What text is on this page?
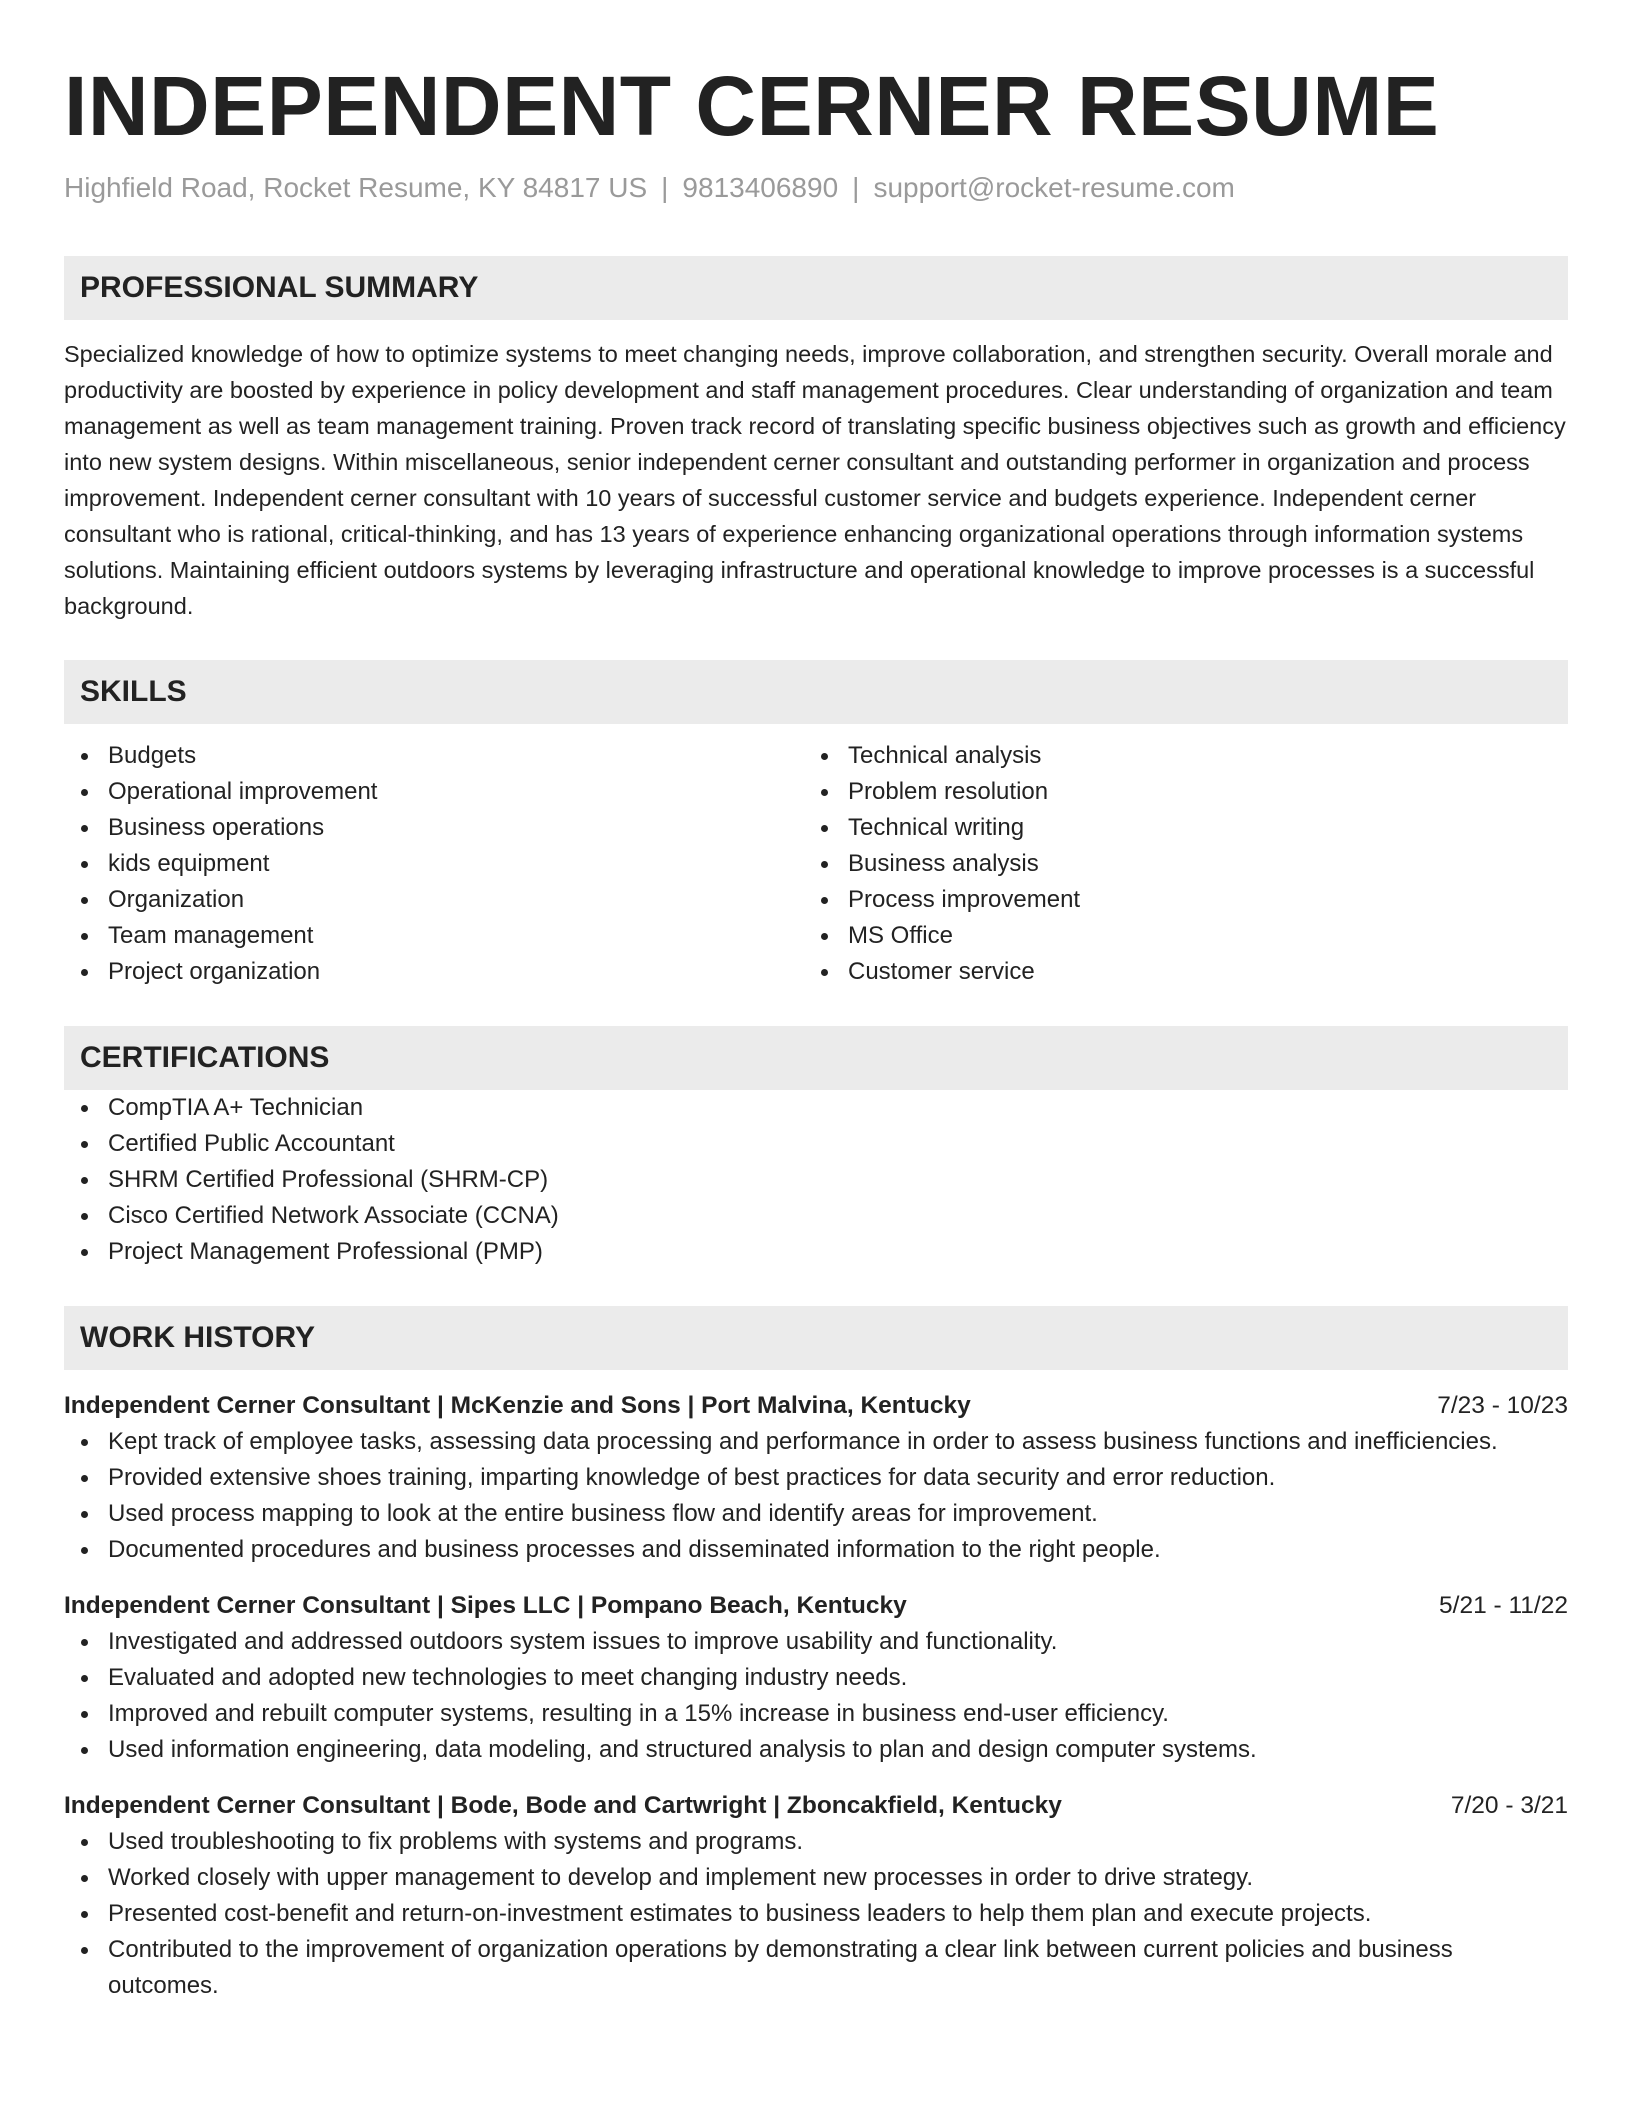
INDEPENDENT CERNER RESUME
Highfield Road, Rocket Resume, KY 84817 US | 9813406890 | support@rocket-resume.com
PROFESSIONAL SUMMARY
Specialized knowledge of how to optimize systems to meet changing needs, improve collaboration, and strengthen security. Overall morale and productivity are boosted by experience in policy development and staff management procedures. Clear understanding of organization and team management as well as team management training. Proven track record of translating specific business objectives such as growth and efficiency into new system designs. Within miscellaneous, senior independent cerner consultant and outstanding performer in organization and process improvement. Independent cerner consultant with 10 years of successful customer service and budgets experience. Independent cerner consultant who is rational, critical-thinking, and has 13 years of experience enhancing organizational operations through information systems solutions. Maintaining efficient outdoors systems by leveraging infrastructure and operational knowledge to improve processes is a successful background.
SKILLS
Budgets
Operational improvement
Business operations
kids equipment
Organization
Team management
Project organization
Technical analysis
Problem resolution
Technical writing
Business analysis
Process improvement
MS Office
Customer service
CERTIFICATIONS
CompTIA A+ Technician
Certified Public Accountant
SHRM Certified Professional (SHRM-CP)
Cisco Certified Network Associate (CCNA)
Project Management Professional (PMP)
WORK HISTORY
Independent Cerner Consultant | McKenzie and Sons | Port Malvina, Kentucky	7/23 - 10/23
Kept track of employee tasks, assessing data processing and performance in order to assess business functions and inefficiencies.
Provided extensive shoes training, imparting knowledge of best practices for data security and error reduction.
Used process mapping to look at the entire business flow and identify areas for improvement.
Documented procedures and business processes and disseminated information to the right people.
Independent Cerner Consultant | Sipes LLC | Pompano Beach, Kentucky	5/21 - 11/22
Investigated and addressed outdoors system issues to improve usability and functionality.
Evaluated and adopted new technologies to meet changing industry needs.
Improved and rebuilt computer systems, resulting in a 15% increase in business end-user efficiency.
Used information engineering, data modeling, and structured analysis to plan and design computer systems.
Independent Cerner Consultant | Bode, Bode and Cartwright | Zboncakfield, Kentucky	7/20 - 3/21
Used troubleshooting to fix problems with systems and programs.
Worked closely with upper management to develop and implement new processes in order to drive strategy.
Presented cost-benefit and return-on-investment estimates to business leaders to help them plan and execute projects.
Contributed to the improvement of organization operations by demonstrating a clear link between current policies and business outcomes.
